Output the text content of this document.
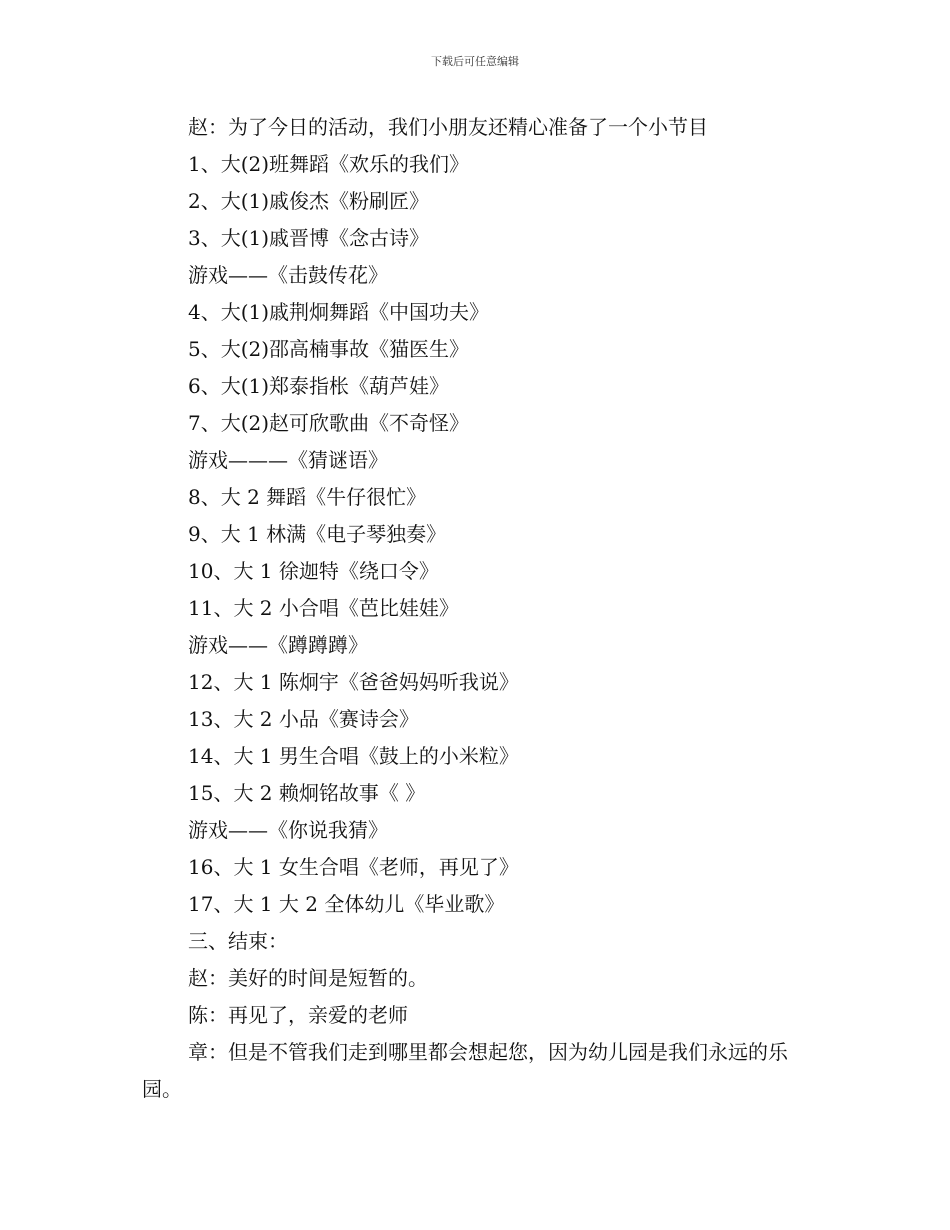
下载后可任意编辑
赵：为了今日的活动，我们小朋友还精心准备了一个小节目
1、大(2)班舞蹈《欢乐的我们》
2、大(1)戚俊杰《粉刷匠》
3、大(1)戚晋博《念古诗》
游戏——《击鼓传花》
4、大(1)戚荆炯舞蹈《中国功夫》
5、大(2)邵高楠事故《猫医生》
6、大(1)郑泰指枨《葫芦娃》
7、大(2)赵可欣歌曲《不奇怪》
游戏———《猜谜语》
8、大 2 舞蹈《牛仔很忙》
9、大 1 林满《电子琴独奏》
10、大 1 徐迦特《绕口令》
11、大 2 小合唱《芭比娃娃》
游戏——《蹲蹲蹲》
12、大 1 陈炯宇《爸爸妈妈听我说》
13、大 2 小品《赛诗会》
14、大 1 男生合唱《鼓上的小米粒》
15、大 2 赖炯铭故事《 》
游戏——《你说我猜》
16、大 1 女生合唱《老师，再见了》
17、大 1 大 2 全体幼儿《毕业歌》
三、结束：
赵：美好的时间是短暂的。
陈：再见了，亲爱的老师
章：但是不管我们走到哪里都会想起您，因为幼儿园是我们永远的乐园。
